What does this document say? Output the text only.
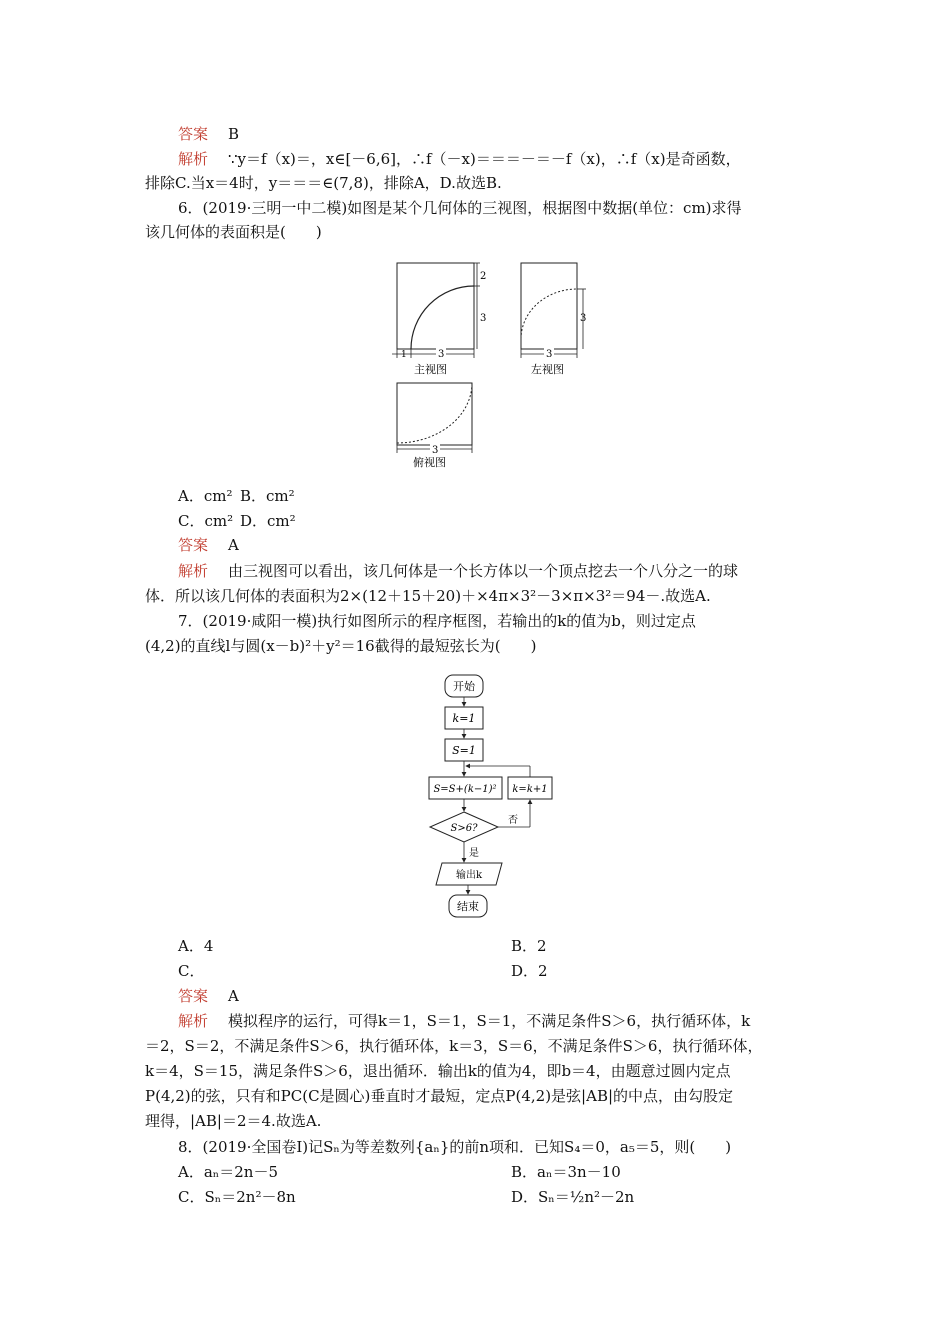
答案 B
解析 ∵y＝f（x)＝，x∈[－6,6]，∴f（－x)＝＝＝－＝－f（x)，∴f（x)是奇函数，
排除C.当x＝4时，y＝＝＝∈(7,8)，排除A，D.故选B.
6．(2019·三明一中二模)如图是某个几何体的三视图，根据图中数据(单位：cm)求得
该几何体的表面积是(　　)
2
3
1	3
主视图
3
3
左视图
3
俯视图
A．cm² B．cm²
C．cm² D．cm²
答案 A
解析 由三视图可以看出，该几何体是一个长方体以一个顶点挖去一个八分之一的球
体．所以该几何体的表面积为2×(12＋15＋20)＋×4π×3²－3×π×3²＝94－.故选A.
7．(2019·咸阳一模)执行如图所示的程序框图，若输出的k的值为b，则过定点
(4,2)的直线l与圆(x－b)²＋y²＝16截得的最短弦长为(　　)
开始
k=1
S=1
S=S+(k−1)² k=k+1
S>6?
否
是
输出k
结束
A．4	B．2
C．	D．2
答案 A
解析 模拟程序的运行，可得k＝1，S＝1，S＝1，不满足条件S＞6，执行循环体，k
＝2，S＝2，不满足条件S＞6，执行循环体，k＝3，S＝6，不满足条件S＞6，执行循环体，
k＝4，S＝15，满足条件S＞6，退出循环．输出k的值为4，即b＝4，由题意过圆内定点
P(4,2)的弦，只有和PC(C是圆心)垂直时才最短，定点P(4,2)是弦|AB|的中点，由勾股定
理得，|AB|＝2＝4.故选A.
8．(2019·全国卷Ⅰ)记Sₙ为等差数列{aₙ}的前n项和．已知S₄＝0，a₅＝5，则(　　)
A．aₙ＝2n－5	B．aₙ＝3n－10
C．Sₙ＝2n²－8n	D．Sₙ＝½n²－2n
